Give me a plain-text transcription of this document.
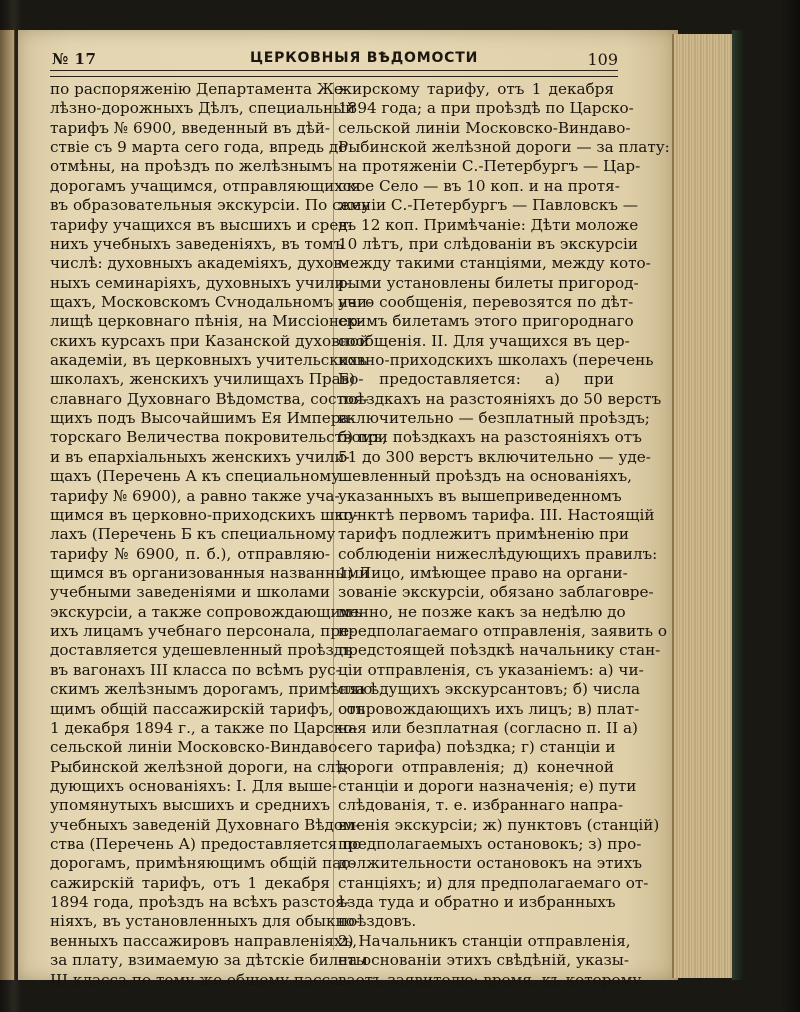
№ 17	ЦЕРКОВНЫЯ ВѢДОМОСТИ	109
по распоряженію Департамента Же-
лѣзно-дорожныхъ Дѣлъ, специальный
тарифъ № 6900, введенный въ дѣй-
ствіе съ 9 марта сего года, впредь до
отмѣны, на проѣздъ по желѣзнымъ
дорогамъ учащимся, отправляющихся
въ образовательныя экскурсіи. По сему
тарифу учащихся въ высшихъ и сред-
нихъ учебныхъ заведеніяхъ, въ томъ
числѣ: духовныхъ академіяхъ, духов-
ныхъ семинаріяхъ, духовныхъ учили-
щахъ, Московскомъ Сѵнодальномъ учи-
лищѣ церковнаго пѣнія, на Миссіонер-
скихъ курсахъ при Казанской духовной
академіи, въ церковныхъ учительскихъ
школахъ, женскихъ училищахъ Право-
славнаго Духовнаго Вѣдомства, состоя-
щихъ подъ Высочайшимъ Ея Импера-
торскаго Величества покровительствомъ,
и въ епархіальныхъ женскихъ учили-
щахъ (Перечень А къ специальному
тарифу № 6900), а равно также уча-
щимся въ церковно-приходскихъ шко-
лахъ (Перечень Б къ специальному
тарифу № 6900, п. б.), отправляю-
щимся въ организованныя названными
учебными заведеніями и школами
экскурсіи, а также сопровождающимъ
ихъ лицамъ учебнаго персонала, пре-
доставляется удешевленный проѣздъ
въ вагонахъ III класса по всѣмъ рус-
скимъ желѣзнымъ дорогамъ, примѣняю-
щимъ общій пассажирскій тарифъ, отъ
1 декабря 1894 г., а также по Царско-
сельской линіи Московско-Виндаво-
Рыбинской желѣзной дороги, на слѣ-
дующихъ основаніяхъ: I. Для выше-
упомянутыхъ высшихъ и среднихъ
учебныхъ заведеній Духовнаго Вѣдом-
ства (Перечень А) предоставляется по
дорогамъ, примѣняющимъ общій пас-
сажирскій тарифъ, отъ 1 декабря
1894 года, проѣздъ на всѣхъ разстоя-
ніяхъ, въ установленныхъ для обыкно-
венныхъ пассажировъ направленіяхъ,
за плату, взимаемую за дѣтскіе билеты
III класса по тому же общему пасса-
жирскому тарифу, отъ 1 декабря
1894 года; а при проѣздѣ по Царско-
сельской линіи Московско-Виндаво-
Рыбинской желѣзной дороги — за плату:
на протяженіи С.-Петербургъ — Цар-
ское Село — въ 10 коп. и на протя-
женіи С.-Петербургъ — Павловскъ —
въ 12 коп. Примѣчаніе: Дѣти моложе
10 лѣтъ, при слѣдованіи въ экскурсіи
между такими станціями, между кото-
рыми установлены билеты пригород-
наго сообщенія, перевозятся по дѣт-
скимъ билетамъ этого пригороднаго
сообщенія. II. Для учащихся въ цер-
ковно-приходскихъ школахъ (перечень
Б) предоставляется: а) при
поѣздкахъ на разстояніяхъ до 50 верстъ
включительно — безплатный проѣздъ;
б) при поѣздкахъ на разстояніяхъ отъ
51 до 300 верстъ включительно — уде-
шевленный проѣздъ на основаніяхъ,
указанныхъ въ вышеприведенномъ
пунктѣ первомъ тарифа. III. Настоящій
тарифъ подлежитъ примѣненію при
соблюденіи нижеслѣдующихъ правилъ:
1) Лицо, имѣющее право на органи-
зованіе экскурсіи, обязано заблаговре-
менно, не позже какъ за недѣлю до
предполагаемаго отправленія, заявить о
предстоящей поѣздкѣ начальнику стан-
ціи отправленія, съ указаніемъ: а) чи-
сла ѣдущихъ экскурсантовъ; б) числа
сопровождающихъ ихъ лицъ; в) плат-
ная или безплатная (согласно п. II а)
сего тарифа) поѣздка; г) станціи и
дороги отправленія; д) конечной
станціи и дороги назначенія; е) пути
слѣдованія, т. е. избраннаго напра-
вленія экскурсіи; ж) пунктовъ (станцій)
предполагаемыхъ остановокъ; з) про-
должительности остановокъ на этихъ
станціяхъ; и) для предполагаемаго от-
ѣзда туда и обратно и избранныхъ
поѣздовъ.
2) Начальникъ станціи отправленія,
на основаніи этихъ свѣдѣній, указы-
ваетъ заявителю: время, къ которому
